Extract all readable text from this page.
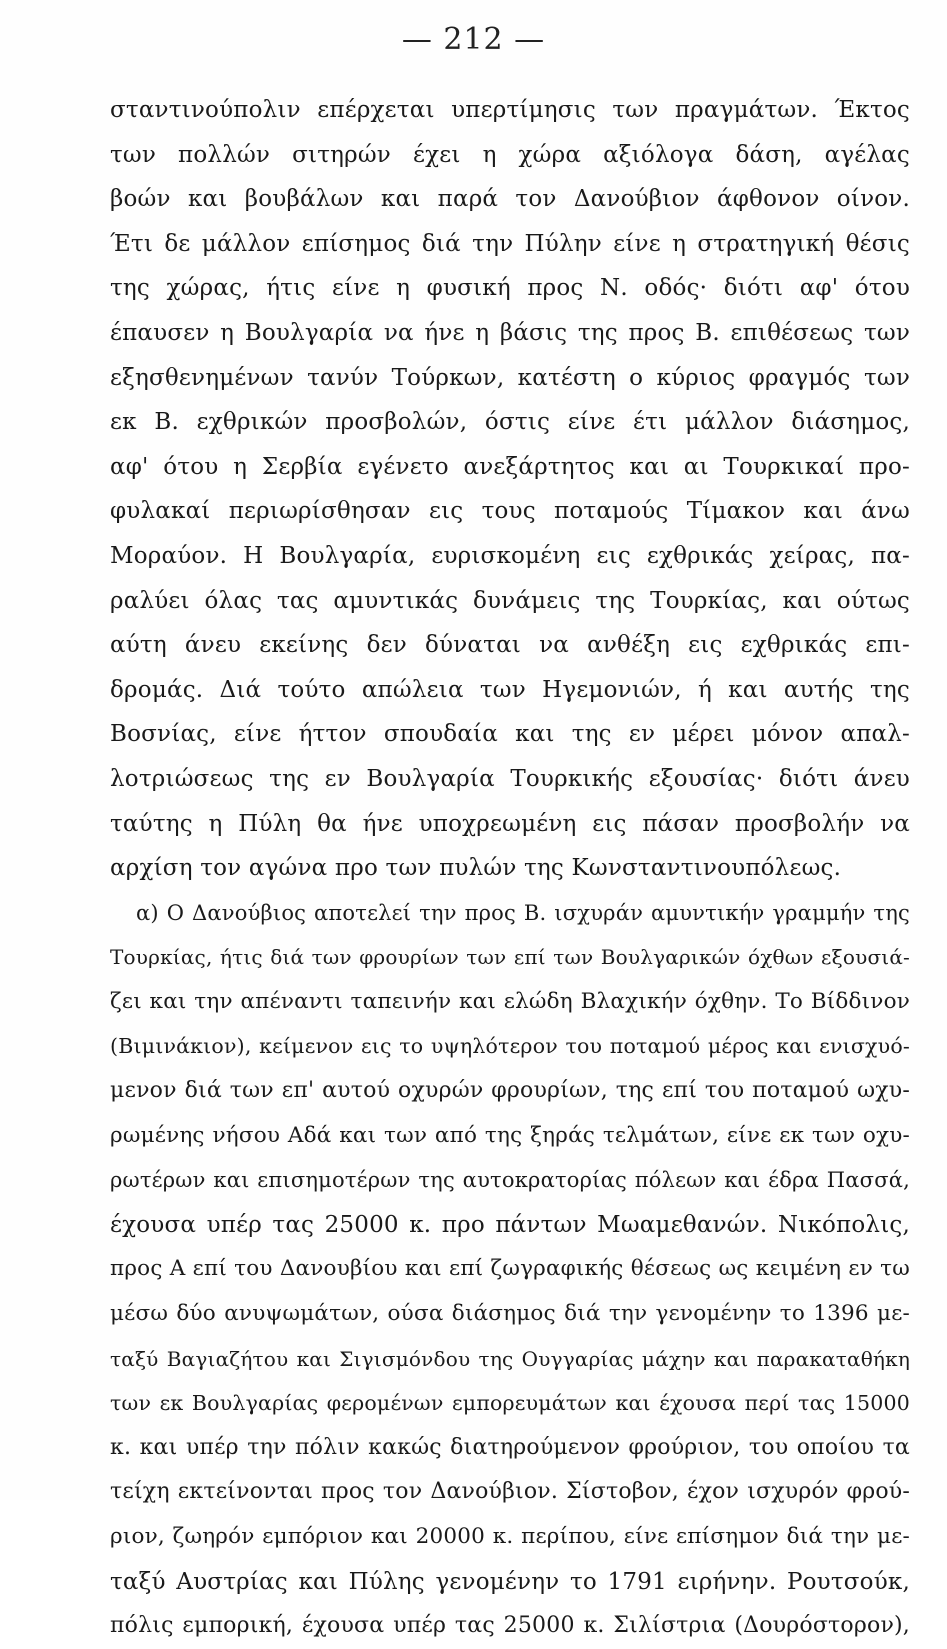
— 212 —
σταντινούπολιν επέρχεται υπερτίμησις των πραγμάτων. Έκτος
των πολλών σιτηρών έχει η χώρα αξιόλογα δάση, αγέλας
βοών και βουβάλων και παρά τον Δανούβιον άφθονον οίνον.
Έτι δε μάλλον επίσημος διά την Πύλην είνε η στρατηγική θέσις
της χώρας, ήτις είνε η φυσική προς Ν. οδός· διότι αφ' ότου
έπαυσεν η Βουλγαρία να ήνε η βάσις της προς Β. επιθέσεως των
εξησθενημένων τανύν Τούρκων, κατέστη ο κύριος φραγμός των
εκ Β. εχθρικών προσβολών, όστις είνε έτι μάλλον διάσημος,
αφ' ότου η Σερβία εγένετο ανεξάρτητος και αι Τουρκικαί προ-
φυλακαί περιωρίσθησαν εις τους ποταμούς Τίμακον και άνω
Μοραύον. Η Βουλγαρία, ευρισκομένη εις εχθρικάς χείρας, πα-
ραλύει όλας τας αμυντικάς δυνάμεις της Τουρκίας, και ούτως
αύτη άνευ εκείνης δεν δύναται να ανθέξη εις εχθρικάς επι-
δρομάς. Διά τούτο απώλεια των Ηγεμονιών, ή και αυτής της
Βοσνίας, είνε ήττον σπουδαία και της εν μέρει μόνον απαλ-
λοτριώσεως της εν Βουλγαρία Τουρκικής εξουσίας· διότι άνευ
ταύτης η Πύλη θα ήνε υποχρεωμένη εις πάσαν προσβολήν να
αρχίση τον αγώνα προ των πυλών της Κωνσταντινουπόλεως.
α) Ο Δανούβιος αποτελεί την προς Β. ισχυράν αμυντικήν γραμμήν της
Τουρκίας, ήτις διά των φρουρίων των επί των Βουλγαρικών όχθων εξουσιά-
ζει και την απέναντι ταπεινήν και ελώδη Βλαχικήν όχθην. Το Βίδδινον
(Βιμινάκιον), κείμενον εις το υψηλότερον του ποταμού μέρος και ενισχυό-
μενον διά των επ' αυτού οχυρών φρουρίων, της επί του ποταμού ωχυ-
ρωμένης νήσου Αδά και των από της ξηράς τελμάτων, είνε εκ των οχυ-
ρωτέρων και επισημοτέρων της αυτοκρατορίας πόλεων και έδρα Πασσά,
έχουσα υπέρ τας 25000 κ. προ πάντων Μωαμεθανών. Νικόπολις,
προς Α επί του Δανουβίου και επί ζωγραφικής θέσεως ως κειμένη εν τω
μέσω δύο ανυψωμάτων, ούσα διάσημος διά την γενομένην το 1396 με-
ταξύ Βαγιαζήτου και Σιγισμόνδου της Ουγγαρίας μάχην και παρακαταθήκη
των εκ Βουλγαρίας φερομένων εμπορευμάτων και έχουσα περί τας 15000
κ. και υπέρ την πόλιν κακώς διατηρούμενον φρούριον, του οποίου τα
τείχη εκτείνονται προς τον Δανούβιον. Σίστοβον, έχον ισχυρόν φρού-
ριον, ζωηρόν εμπόριον και 20000 κ. περίπου, είνε επίσημον διά την με-
ταξύ Αυστρίας και Πύλης γενομένην το 1791 ειρήνην. Ρουτσούκ,
πόλις εμπορική, έχουσα υπέρ τας 25000 κ. Σιλίστρια (Δουρόστορον),
